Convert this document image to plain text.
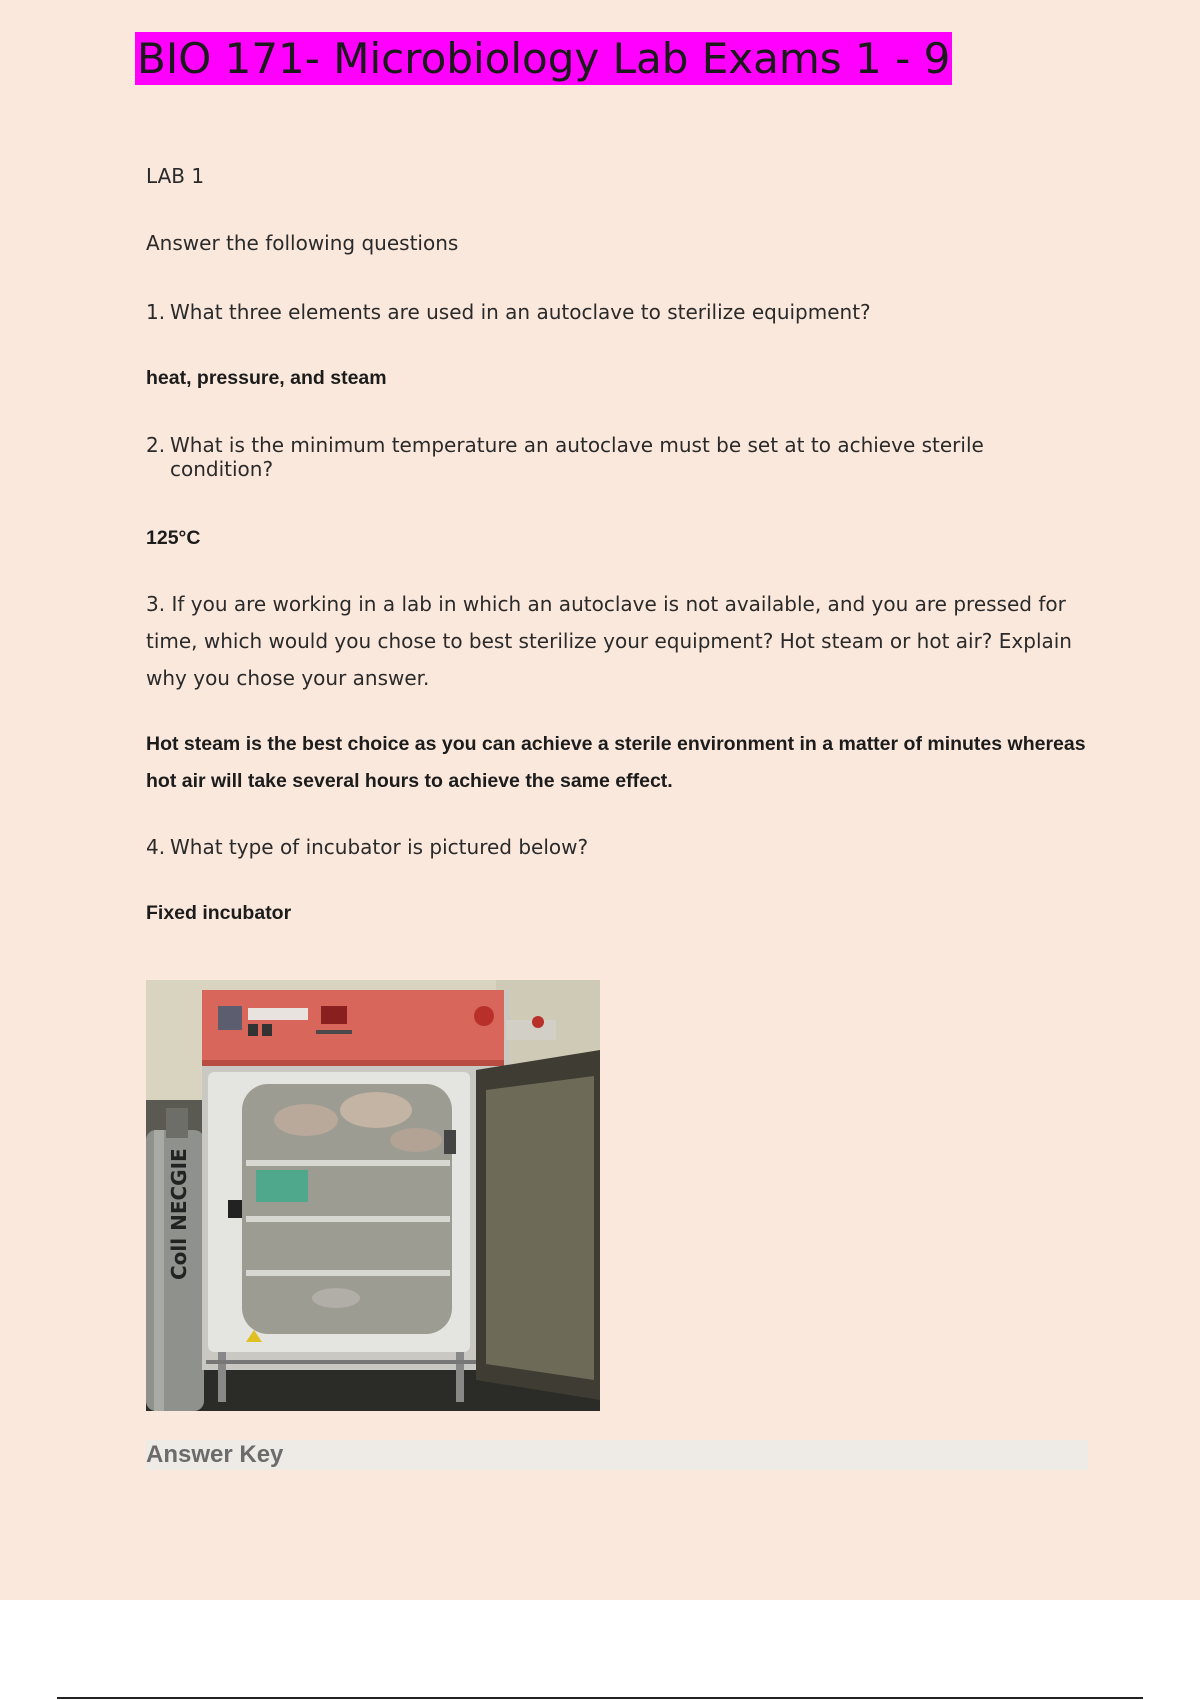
BIO 171- Microbiology Lab Exams 1 - 9
LAB 1
Answer the following questions
1. What three elements are used in an autoclave to sterilize equipment?
heat, pressure, and steam
2. What is the minimum temperature an autoclave must be set at to achieve sterile condition?
125°C
3. If you are working in a lab in which an autoclave is not available, and you are pressed for time, which would you chose to best sterilize your equipment? Hot steam or hot air? Explain why you chose your answer.
Hot steam is the best choice as you can achieve a sterile environment in a matter of minutes whereas hot air will take several hours to achieve the same effect.
4. What type of incubator is pictured below?
Fixed incubator
Coll NECGIE
Answer Key
